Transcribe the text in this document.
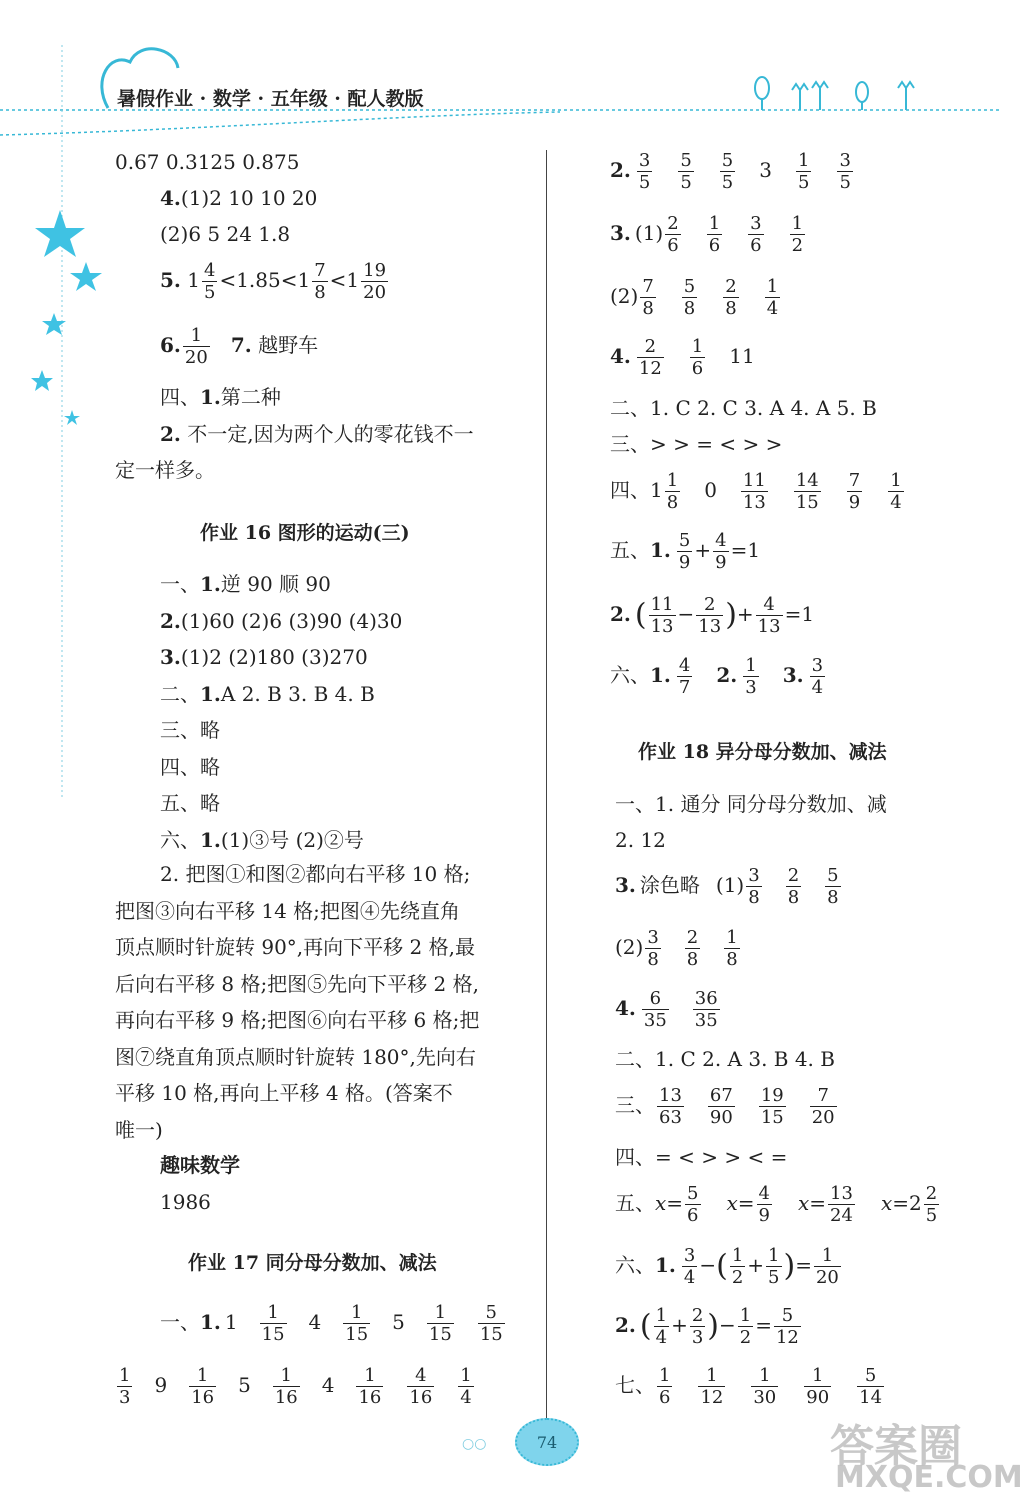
暑假作业 · 数学 · 五年级 · 配人教版
0.67 0.3125 0.875
4.(1)2 10 10 20
(2)6 5 24 1.8
5. $1 \frac{4}{5} <1.85<1 \frac{7}{8} <1 \frac{19}{20}$
6. $\frac{1}{20} 7$. 越野车
四、1.第二种
2. 不一定,因为两个人的零花钱不一
定一样多。
作业 16 图形的运动(三)
一、1.逆 90 顺 90
2.(1)60 (2)6 (3)90 (4)30
3.(1)2 (2)180 (3)270
二、1.A 2. B 3. B 4. B
三、略
四、略
五、略
六、1.(1)③号 (2)②号
2. 把图①和图②都向右平移 10 格;
把图③向右平移 14 格;把图④先绕直角
顶点顺时针旋转 90°,再向下平移 2 格,最
后向右平移 8 格;把图⑤先向下平移 2 格,
再向右平移 9 格;把图⑥向右平移 6 格;把
图⑦绕直角顶点顺时针旋转 180°,先向右
平移 10 格,再向上平移 4 格。(答案不
唯一)
趣味数学
1986
作业 17 同分母分数加、减法
一、1. $1 \frac{1}{15} 4 \frac{1}{15} 5 \frac{1}{15} \frac{5}{15}$
$\frac{1}{3} 9 \frac{1}{16} 5 \frac{1}{16} 4 \frac{1}{16} \frac{4}{16} \frac{1}{4}$
2. $\frac{3}{5} \frac{5}{5} \frac{5}{5} 3 \frac{1}{5} \frac{3}{5}$
3. $(1) \frac{2}{6} \frac{1}{6} \frac{3}{6} \frac{1}{2}$
$(2) \frac{7}{8} \frac{5}{8} \frac{2}{8} \frac{1}{4}$
4. $\frac{2}{12} \frac{1}{6} 11$
二、1. C 2. C 3. A 4. A 5. B
三、> > = < > >
四、$1 \frac{1}{8} 0 \frac{11}{13} \frac{14}{15} \frac{7}{9} \frac{1}{4}$
五、1. $\frac{5}{9} + \frac{4}{9} =1$
2. ( $\frac{11}{13} - \frac{2}{13}$ )+ $\frac{4}{13} =1$
六、1. $\frac{4}{7} 2$. $\frac{1}{3} 3$. $\frac{3}{4}$
作业 18 异分母分数加、减法
一、1. 通分 同分母分数加、减
2. 12
3. 涂色略 $(1) \frac{3}{8} \frac{2}{8} \frac{5}{8}$
$(2) \frac{3}{8} \frac{2}{8} \frac{1}{8}$
4. $\frac{6}{35} \frac{36}{35}$
二、1. C 2. A 3. B 4. B
三、 $\frac{13}{63} \frac{67}{90} \frac{19}{15} \frac{7}{20}$
四、= < > > < =
五、$x= \frac{5}{6} x= \frac{4}{9} x= \frac{13}{24} x=2 \frac{2}{5}$
六、1. $\frac{3}{4}$ −( $\frac{1}{2} + \frac{1}{5}$ )= $\frac{1}{20}$
2. ( $\frac{1}{4} + \frac{2}{3}$ )− $\frac{1}{2} = \frac{5}{12}$
七、 $\frac{1}{6} \frac{1}{12} \frac{1}{30} \frac{1}{90} \frac{5}{14}$
74
○○	答案圈
MXQE.COM
